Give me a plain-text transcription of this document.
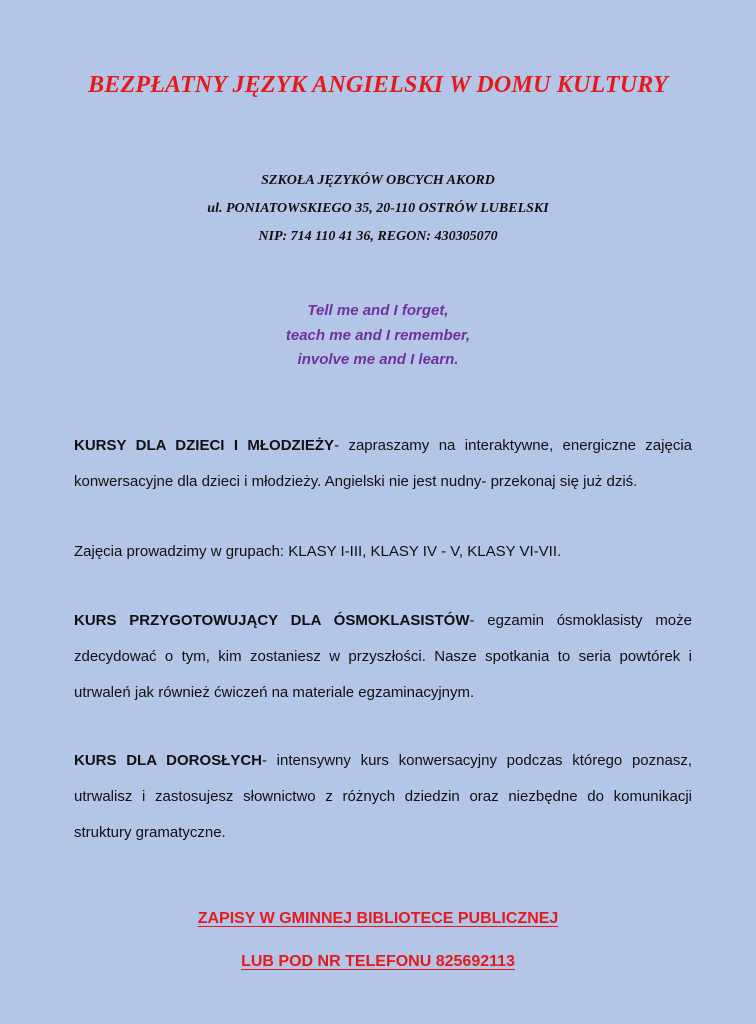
BEZPŁATNY JĘZYK ANGIELSKI W DOMU KULTURY
SZKOŁA JĘZYKÓW OBCYCH AKORD
ul. PONIATOWSKIEGO 35, 20-110 OSTRÓW LUBELSKI
NIP: 714 110 41 36, REGON: 430305070
Tell me and I forget,
teach me and I remember,
involve me and I learn.
KURSY DLA DZIECI I MŁODZIEŻY- zapraszamy na interaktywne, energiczne zajęcia konwersacyjne dla dzieci i młodzieży. Angielski nie jest nudny- przekonaj się już dziś.
Zajęcia prowadzimy w grupach: KLASY I-III, KLASY IV - V, KLASY VI-VII.
KURS PRZYGOTOWUJĄCY DLA ÓSMOKLASISTÓW- egzamin ósmoklasisty może zdecydować o tym, kim zostaniesz w przyszłości. Nasze spotkania to seria powtórek i utrwaleń jak również ćwiczeń na materiale egzaminacyjnym.
KURS DLA DOROSŁYCH- intensywny kurs konwersacyjny podczas którego poznasz, utrwalisz i zastosujesz słownictwo z różnych dziedzin oraz niezbędne do komunikacji struktury gramatyczne.
ZAPISY W GMINNEJ BIBLIOTECE PUBLICZNEJ
LUB POD NR TELEFONU 825692113
